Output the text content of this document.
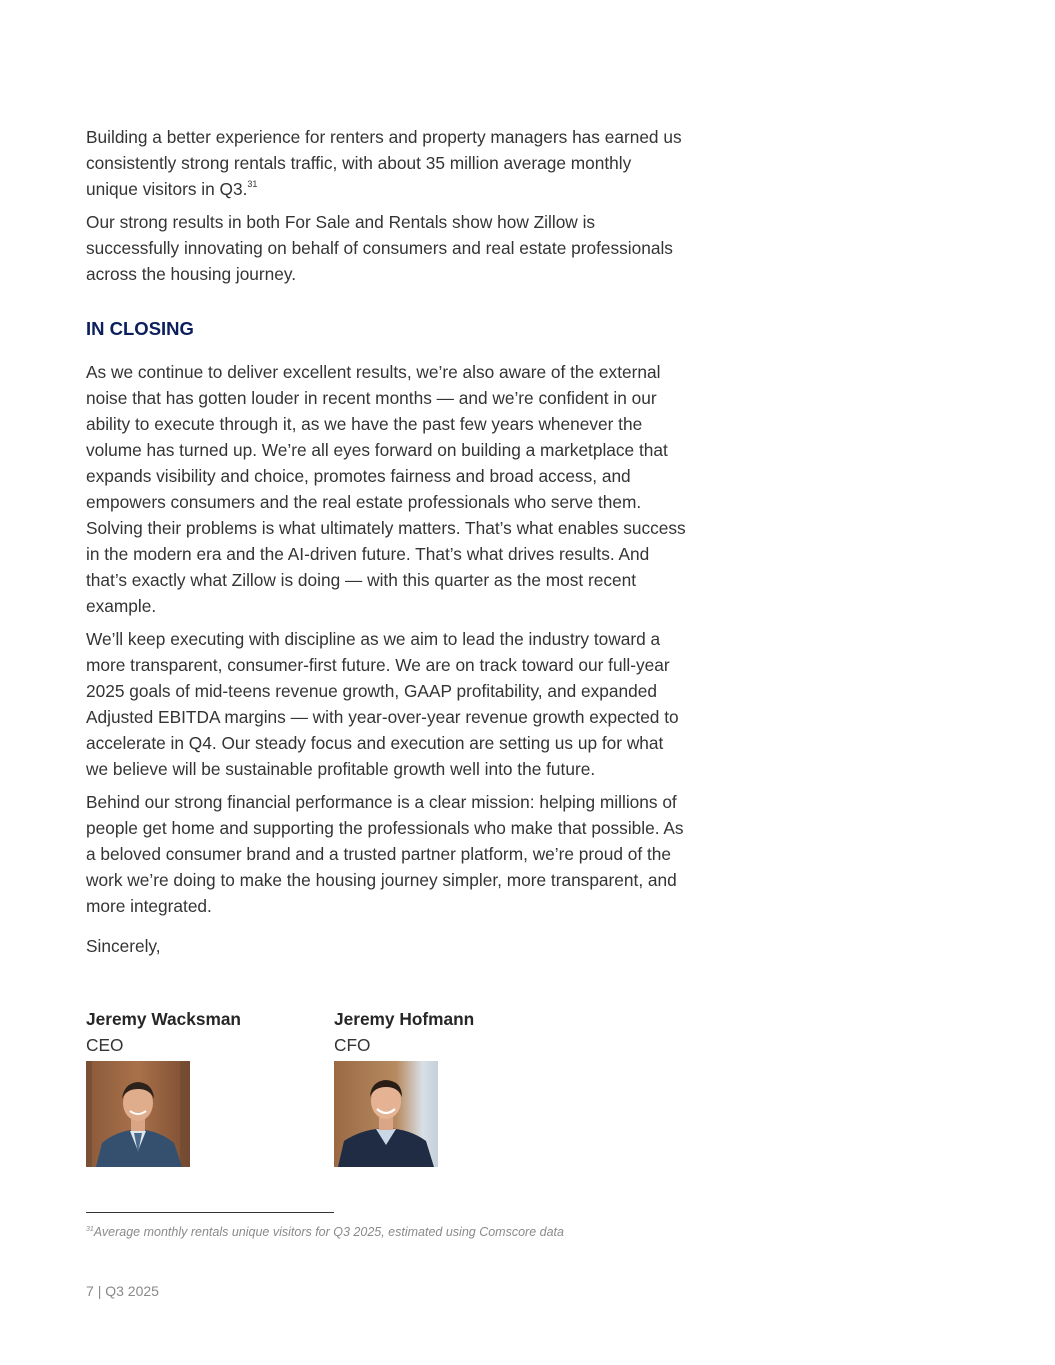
Building a better experience for renters and property managers has earned us consistently strong rentals traffic, with about 35 million average monthly unique visitors in Q3.31

Our strong results in both For Sale and Rentals show how Zillow is successfully innovating on behalf of consumers and real estate professionals across the housing journey.

IN CLOSING

As we continue to deliver excellent results, we’re also aware of the external noise that has gotten louder in recent months — and we’re confident in our ability to execute through it, as we have the past few years whenever the volume has turned up. We’re all eyes forward on building a marketplace that expands visibility and choice, promotes fairness and broad access, and empowers consumers and the real estate professionals who serve them. Solving their problems is what ultimately matters. That’s what enables success in the modern era and the AI-driven future. That’s what drives results. And that’s exactly what Zillow is doing — with this quarter as the most recent example.

We’ll keep executing with discipline as we aim to lead the industry toward a more transparent, consumer-first future. We are on track toward our full-year 2025 goals of mid-teens revenue growth, GAAP profitability, and expanded Adjusted EBITDA margins — with year-over-year revenue growth expected to accelerate in Q4. Our steady focus and execution are setting us up for what we believe will be sustainable profitable growth well into the future.

Behind our strong financial performance is a clear mission: helping millions of people get home and supporting the professionals who make that possible. As a beloved consumer brand and a trusted partner platform, we’re proud of the work we’re doing to make the housing journey simpler, more transparent, and more integrated.

Sincerely,

Jeremy Wacksman
CEO
Jeremy Hofmann
CFO
$^{31}$Average monthly rentals unique visitors for Q3 2025, estimated using Comscore data
7 | Q3 2025
